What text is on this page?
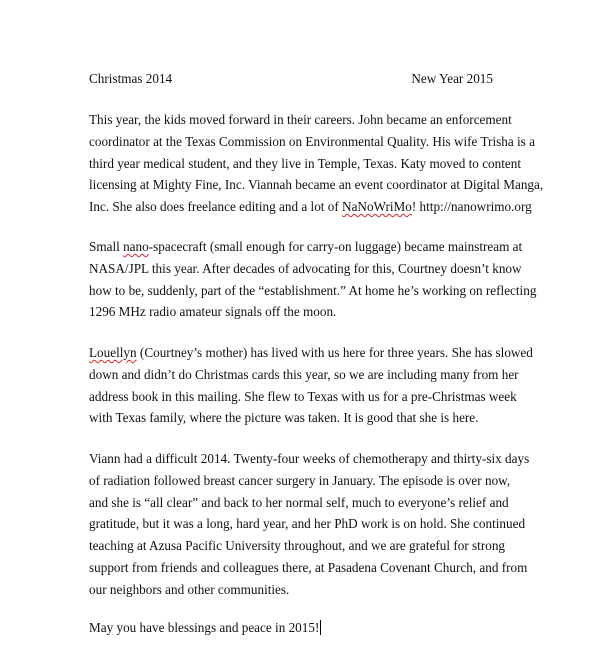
Christmas 2014	New Year 2015
This year, the kids moved forward in their careers. John became an enforcement
coordinator at the Texas Commission on Environmental Quality. His wife Trisha is a
third year medical student, and they live in Temple, Texas. Katy moved to content
licensing at Mighty Fine, Inc. Viannah became an event coordinator at Digital Manga,
Inc. She also does freelance editing and a lot of NaNoWriMo! http://nanowrimo.org
Small nano-spacecraft (small enough for carry-on luggage) became mainstream at
NASA/JPL this year. After decades of advocating for this, Courtney doesn’t know
how to be, suddenly, part of the “establishment.” At home he’s working on reflecting
1296 MHz radio amateur signals off the moon.
Louellyn (Courtney’s mother) has lived with us here for three years. She has slowed
down and didn’t do Christmas cards this year, so we are including many from her
address book in this mailing. She flew to Texas with us for a pre-Christmas week
with Texas family, where the picture was taken. It is good that she is here.
Viann had a difficult 2014. Twenty-four weeks of chemotherapy and thirty-six days
of radiation followed breast cancer surgery in January. The episode is over now,
and she is “all clear” and back to her normal self, much to everyone’s relief and
gratitude, but it was a long, hard year, and her PhD work is on hold. She continued
teaching at Azusa Pacific University throughout, and we are grateful for strong
support from friends and colleagues there, at Pasadena Covenant Church, and from
our neighbors and other communities.
May you have blessings and peace in 2015!
